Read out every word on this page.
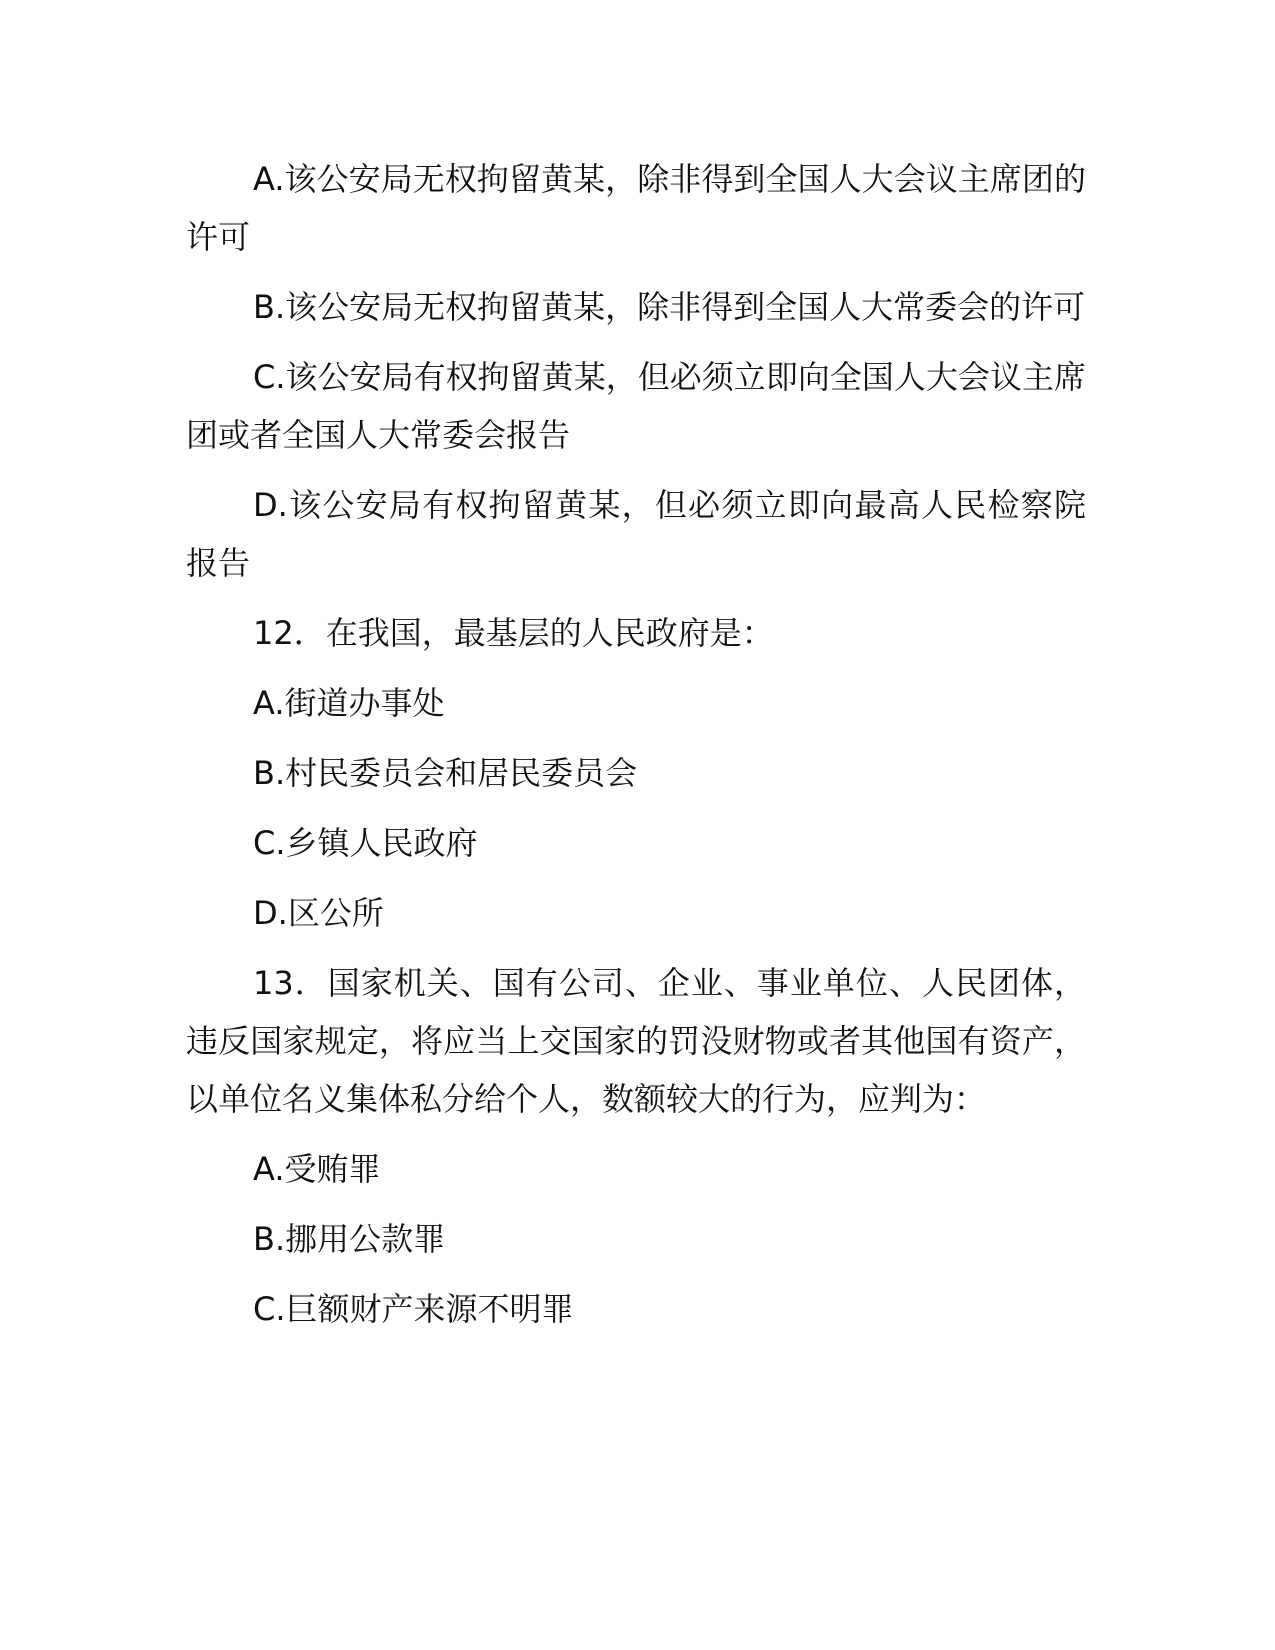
A.该公安局无权拘留黄某，除非得到全国人大会议主席团的许可

B.该公安局无权拘留黄某，除非得到全国人大常委会的许可

C.该公安局有权拘留黄某，但必须立即向全国人大会议主席团或者全国人大常委会报告

D.该公安局有权拘留黄某，但必须立即向最高人民检察院报告

12．在我国，最基层的人民政府是：

A.街道办事处

B.村民委员会和居民委员会

C.乡镇人民政府

D.区公所

13．国家机关、国有公司、企业、事业单位、人民团体，违反国家规定，将应当上交国家的罚没财物或者其他国有资产，以单位名义集体私分给个人，数额较大的行为，应判为：

A.受贿罪

B.挪用公款罪

C.巨额财产来源不明罪
